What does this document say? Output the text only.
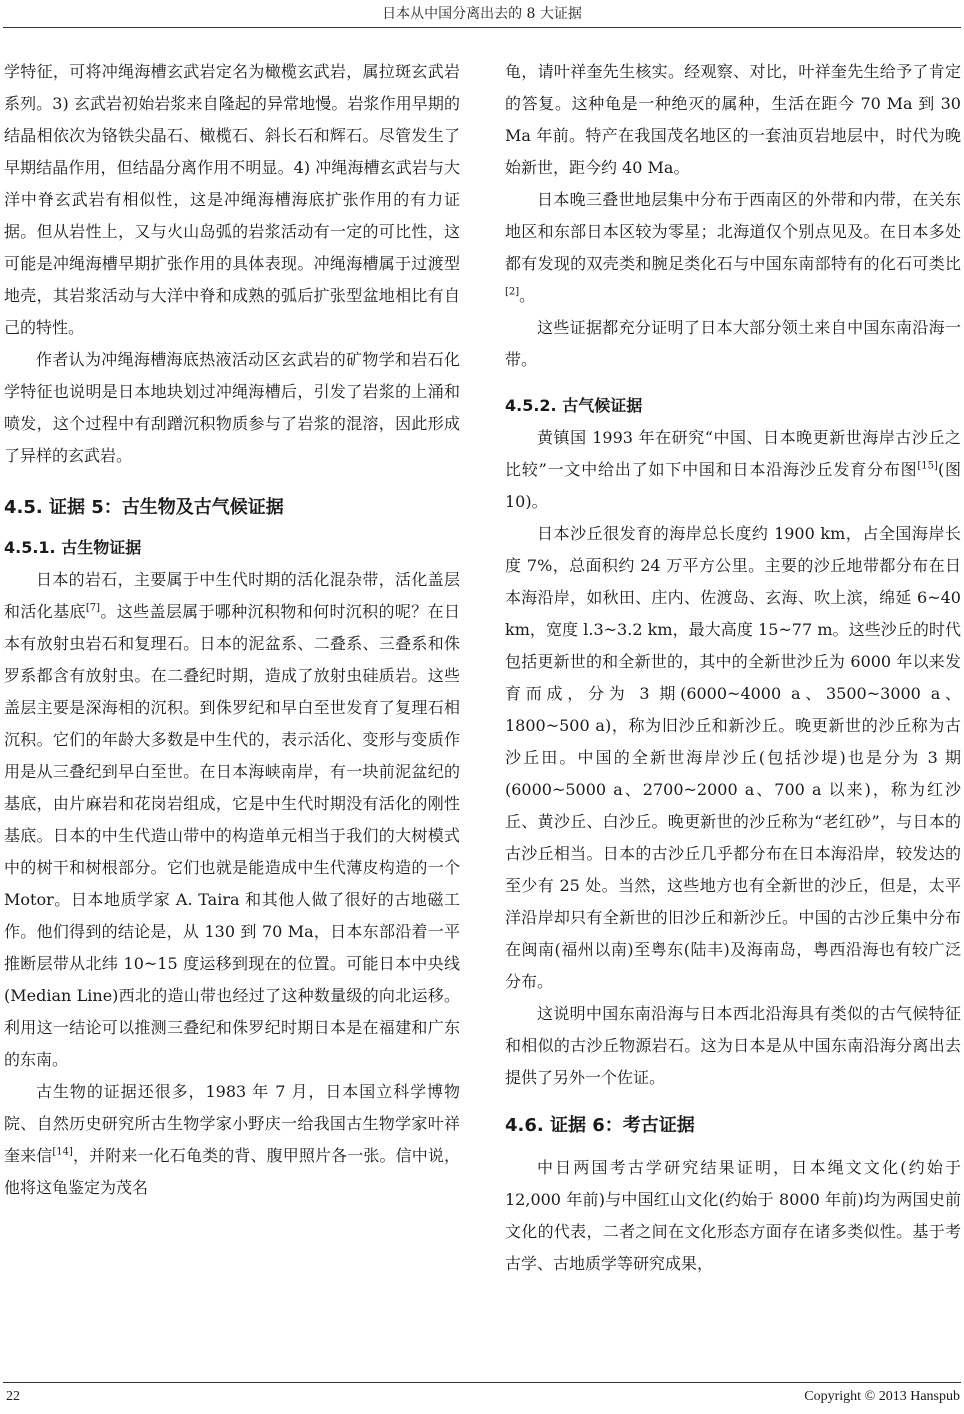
日本从中国分离出去的 8 大证据

学特征，可将冲绳海槽玄武岩定名为橄榄玄武岩，属拉斑玄武岩系列。3) 玄武岩初始岩浆来自隆起的异常地慢。岩浆作用早期的结晶相依次为铬铁尖晶石、橄榄石、斜长石和辉石。尽管发生了早期结晶作用，但结晶分离作用不明显。4) 冲绳海槽玄武岩与大洋中脊玄武岩有相似性，这是冲绳海槽海底扩张作用的有力证据。但从岩性上，又与火山岛弧的岩浆活动有一定的可比性，这可能是冲绳海槽早期扩张作用的具体表现。冲绳海槽属于过渡型地壳，其岩浆活动与大洋中脊和成熟的弧后扩张型盆地相比有自己的特性。

作者认为冲绳海槽海底热液活动区玄武岩的矿物学和岩石化学特征也说明是日本地块划过冲绳海槽后，引发了岩浆的上涌和喷发，这个过程中有刮蹭沉积物质参与了岩浆的混溶，因此形成了异样的玄武岩。

4.5. 证据 5：古生物及古气候证据
4.5.1. 古生物证据

日本的岩石，主要属于中生代时期的活化混杂带，活化盖层和活化基底[7]。这些盖层属于哪种沉积物和何时沉积的呢？在日本有放射虫岩石和复理石。日本的泥盆系、二叠系、三叠系和侏罗系都含有放射虫。在二叠纪时期，造成了放射虫硅质岩。这些盖层主要是深海相的沉积。到侏罗纪和早白至世发育了复理石相沉积。它们的年龄大多数是中生代的，表示活化、变形与变质作用是从三叠纪到早白至世。在日本海峡南岸，有一块前泥盆纪的基底，由片麻岩和花岗岩组成，它是中生代时期没有活化的刚性基底。日本的中生代造山带中的构造单元相当于我们的大树模式中的树干和树根部分。它们也就是能造成中生代薄皮构造的一个 Motor。日本地质学家 A. Taira 和其他人做了很好的古地磁工作。他们得到的结论是，从 130 到 70 Ma，日本东部沿着一平推断层带从北纬 10~15 度运移到现在的位置。可能日本中央线(Median Line)西北的造山带也经过了这种数量级的向北运移。利用这一结论可以推测三叠纪和侏罗纪时期日本是在福建和广东的东南。

古生物的证据还很多，1983 年 7 月，日本国立科学博物院、自然历史研究所古生物学家小野庆一给我国古生物学家叶祥奎来信[14]，并附来一化石龟类的背、腹甲照片各一张。信中说，他将这龟鉴定为茂名

龟，请叶祥奎先生核实。经观察、对比，叶祥奎先生给予了肯定的答复。这种龟是一种绝灭的属种，生活在距今 70 Ma 到 30 Ma 年前。特产在我国茂名地区的一套油页岩地层中，时代为晚始新世，距今约 40 Ma。

日本晚三叠世地层集中分布于西南区的外带和内带，在关东地区和东部日本区较为零星；北海道仅个别点见及。在日本多处都有发现的双壳类和腕足类化石与中国东南部特有的化石可类比[2]。

这些证据都充分证明了日本大部分领土来自中国东南沿海一带。

4.5.2. 古气候证据

黄镇国 1993 年在研究“中国、日本晚更新世海岸古沙丘之比较”一文中给出了如下中国和日本沿海沙丘发育分布图[15](图 10)。

日本沙丘很发育的海岸总长度约 1900 km，占全国海岸长度 7%，总面积约 24 万平方公里。主要的沙丘地带都分布在日本海沿岸，如秋田、庄内、佐渡岛、玄海、吹上滨，绵延 6~40 km，宽度 l.3~3.2 km，最大高度 15~77 m。这些沙丘的时代包括更新世的和全新世的，其中的全新世沙丘为 6000 年以来发育而成，分为 3 期(6000~4000 a、3500~3000 a、1800~500 a)，称为旧沙丘和新沙丘。晚更新世的沙丘称为古沙丘田。中国的全新世海岸沙丘(包括沙堤)也是分为 3 期(6000~5000 a、2700~2000 a、700 a 以来)，称为红沙丘、黄沙丘、白沙丘。晚更新世的沙丘称为“老红砂”，与日本的古沙丘相当。日本的古沙丘几乎都分布在日本海沿岸，较发达的至少有 25 处。当然，这些地方也有全新世的沙丘，但是，太平洋沿岸却只有全新世的旧沙丘和新沙丘。中国的古沙丘集中分布在闽南(福州以南)至粤东(陆丰)及海南岛，粤西沿海也有较广泛分布。

这说明中国东南沿海与日本西北沿海具有类似的古气候特征和相似的古沙丘物源岩石。这为日本是从中国东南沿海分离出去提供了另外一个佐证。

4.6. 证据 6：考古证据

中日两国考古学研究结果证明，日本绳文文化(约始于 12,000 年前)与中国红山文化(约始于 8000 年前)均为两国史前文化的代表，二者之间在文化形态方面存在诸多类似性。基于考古学、古地质学等研究成果，

22	Copyright © 2013 Hanspub
